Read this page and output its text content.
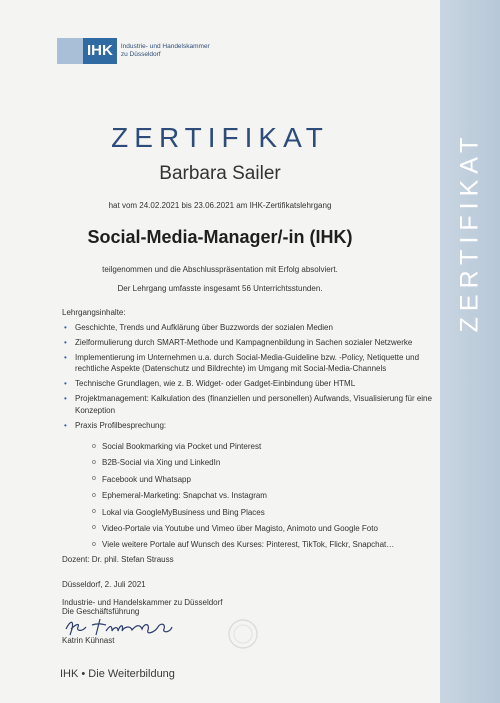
ZERTIFIKAT
IHK	Industrie- und Handelskammer
zu Düsseldorf
ZERTIFIKAT
Barbara Sailer
hat vom 24.02.2021 bis 23.06.2021 am IHK-Zertifikatslehrgang
Social-Media-Manager/-in (IHK)
teilgenommen und die Abschlusspräsentation mit Erfolg absolviert.
Der Lehrgang umfasste insgesamt 56 Unterrichtsstunden.
Lehrgangsinhalte:
• Geschichte, Trends und Aufklärung über Buzzwords der sozialen Medien
• Zielformulierung durch SMART-Methode und Kampagnenbildung in Sachen sozialer Netzwerke
• Implementierung im Unternehmen u.a. durch Social-Media-Guideline bzw. -Policy, Netiquette und rechtliche Aspekte (Datenschutz und Bildrechte) im Umgang mit Social-Media-Channels
• Technische Grundlagen, wie z. B. Widget- oder Gadget-Einbindung über HTML
• Projektmanagement: Kalkulation des (finanziellen und personellen) Aufwands, Visualisierung für eine Konzeption
• Praxis Profilbesprechung:
o Social Bookmarking via Pocket und Pinterest
o B2B-Social via Xing und LinkedIn
o Facebook und Whatsapp
o Ephemeral-Marketing: Snapchat vs. Instagram
o Lokal via GoogleMyBusiness und Bing Places
o Video-Portale via Youtube und Vimeo über Magisto, Animoto und Google Foto
o Viele weitere Portale auf Wunsch des Kurses: Pinterest, TikTok, Flickr, Snapchat…
Dozent: Dr. phil. Stefan Strauss
Düsseldorf, 2. Juli 2021
Industrie- und Handelskammer zu Düsseldorf
Die Geschäftsführung
Katrin Kühnast
IHK • Die Weiterbildung
